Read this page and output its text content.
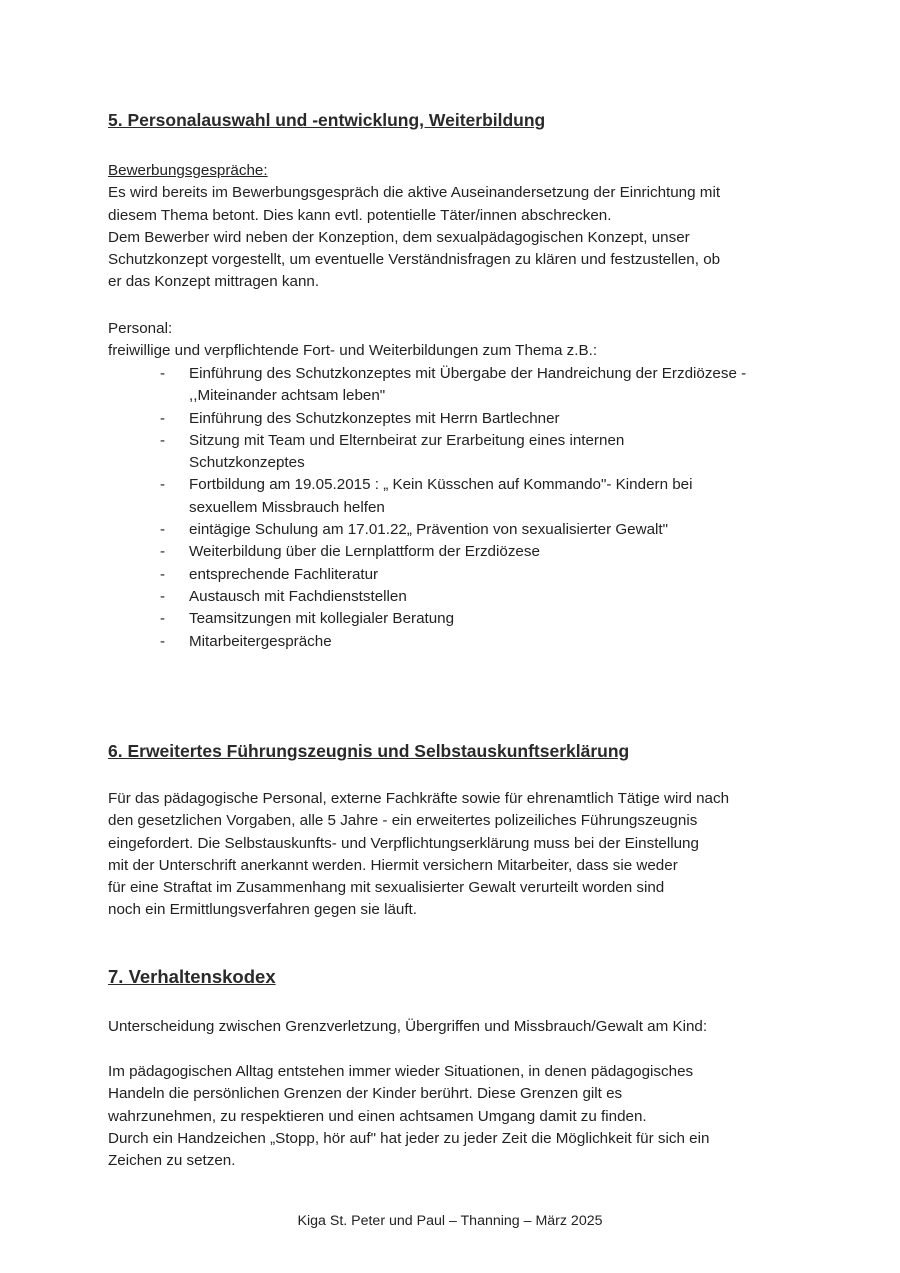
5. Personalauswahl und -entwicklung, Weiterbildung
Bewerbungsgespräche:
Es wird bereits im Bewerbungsgespräch die aktive Auseinandersetzung der Einrichtung mit
diesem Thema betont. Dies kann evtl. potentielle Täter/innen abschrecken.
Dem Bewerber wird neben der Konzeption, dem sexualpädagogischen Konzept, unser
Schutzkonzept vorgestellt, um eventuelle Verständnisfragen zu klären und festzustellen, ob
er das Konzept mittragen kann.
Personal:
freiwillige und verpflichtende Fort- und Weiterbildungen zum Thema z.B.:
- Einführung des Schutzkonzeptes mit Übergabe der Handreichung der Erzdiözese -
,,Miteinander achtsam leben"
- Einführung des Schutzkonzeptes mit Herrn Bartlechner
- Sitzung mit Team und Elternbeirat zur Erarbeitung eines internen
Schutzkonzeptes
- Fortbildung am 19.05.2015 : „ Kein Küsschen auf Kommando"- Kindern bei
sexuellem Missbrauch helfen
- eintägige Schulung am 17.01.22„ Prävention von sexualisierter Gewalt"
- Weiterbildung über die Lernplattform der Erzdiözese
- entsprechende Fachliteratur
- Austausch mit Fachdienststellen
- Teamsitzungen mit kollegialer Beratung
- Mitarbeitergespräche
6. Erweitertes Führungszeugnis und Selbstauskunftserklärung
Für das pädagogische Personal, externe Fachkräfte sowie für ehrenamtlich Tätige wird nach
den gesetzlichen Vorgaben, alle 5 Jahre - ein erweitertes polizeiliches Führungszeugnis
eingefordert. Die Selbstauskunfts- und Verpflichtungserklärung muss bei der Einstellung
mit der Unterschrift anerkannt werden. Hiermit versichern Mitarbeiter, dass sie weder
für eine Straftat im Zusammenhang mit sexualisierter Gewalt verurteilt worden sind
noch ein Ermittlungsverfahren gegen sie läuft.
7. Verhaltenskodex
Unterscheidung zwischen Grenzverletzung, Übergriffen und Missbrauch/Gewalt am Kind:
Im pädagogischen Alltag entstehen immer wieder Situationen, in denen pädagogisches
Handeln die persönlichen Grenzen der Kinder berührt. Diese Grenzen gilt es
wahrzunehmen, zu respektieren und einen achtsamen Umgang damit zu finden.
Durch ein Handzeichen „Stopp, hör auf" hat jeder zu jeder Zeit die Möglichkeit für sich ein
Zeichen zu setzen.
Kiga St. Peter und Paul – Thanning – März 2025
